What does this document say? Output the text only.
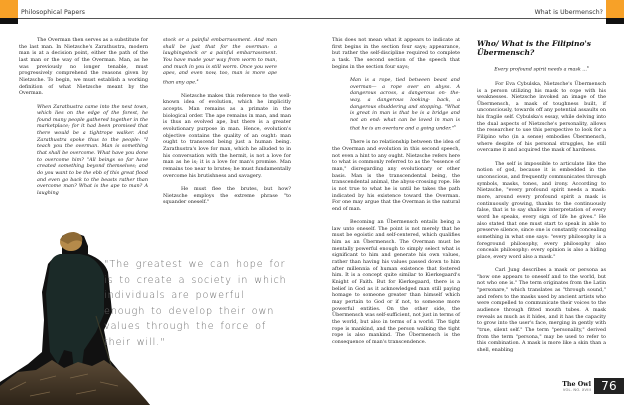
Philosophical Papers	What is Ubermensch?

The Overman then serves as a substitute for the last man. In Nietzsche's Zarathustra, modern man is at a decision point, either the path of the last man or the way of the Overman. Man, as he was previously no longer tenable, must progressively comprehend the reasons given by Nietzsche. To begin, we must establish a working definition of what Nietzsche meant by the Overman.

When Zarathustra came into the next town, which lies on the edge of the forest, he found many people gathered together in the marketplace; for it had been promised that there would be a tightrope walker. And Zarathustra spoke thus to the people: "I teach you the overman. Man is something that shall be overcome. What have you done to overcome him? "All beings so far have created something beyond themselves; and do you want to be the ebb of this great flood and even go back to the beasts rather than overcome man? What is the ape to man? A laughing

stock or a painful embarrassment. And man shall be just that for the overman: a laughingstock or a painful embarrassment. You have made your way from worm to man, and much in you is still worm. Once you were apes, and even now, too, man is more ape than any ape.$^4$

Nietzsche makes this reference to the well-known idea of evolution, which he implicitly accepts. Man remains as a primate in the biological order. The ape remains in man, and man is thus an evolved ape, but there is a greater evolutionary purpose in man. Hence, evolution's objective contains the quality of an ought: man ought to transcend being just a human being. Zarathustra's love for man, which he alluded to in his conversation with the hermit, is not a love for man as he is; it is a love for man's promise. Man remains too near to brutes; he must fundamentally overcome his brutishness and savagery.

He must flee the brutes, but how? Nietzsche employs the extreme phrase "to squander oneself."

"The greatest we can hope for is to create a society in which individuals are powerful enough to develop their own values through the force of their will."

This does not mean what it appears to indicate at first begins in the section four says; appearance, but rather the self-discipline required to complete a task. The second section of the speech that begins in the section four says;

Man is a rope, tied between beast and overman— a rope over an abyss. A dangerous across, a dangerous on- the- way, a dangerous looking- back, a dangerous shuddering and stopping. "What is great in man is that he is a bridge and not an end: what can be loved in man is that he is an overture and a going under."$^5$

There is no relationship between the idea of the Overman and evolution in this second speech, not even a hint to any ought. Nietzsche refers here to what is commonly referred to as the "essence of man," disregarding any evolutionary or other basis. Man is the transcendental being, the transcendental animal, the abyss-crossing rope. He is not true to what he is until he takes the path indicated by his existence toward the Overman. For one may argue that the Overman is the natural end of man.

Becoming an Übermensch entails being a law unto oneself. The point is not merely that he must be egoistic and self-centered, which qualifies him as an Übermensch. The Overman must be mentally powerful enough to simply select what is significant to him and generate his own values, rather than having his values passed down to him after millennia of human existence that fostered him. It is a concept quite similar to Kierkegaard's Knight of Faith. But for Kierkegaard, there is a belief in God as it acknowledged man still paying homage to someone greater than himself which may pertain to God or if not, to someone more powerful entities. On the other side, the Übermensch was self-sufficient, not just in terms of the world, but also in terms of a world. The tight rope is mankind, and the person walking the tight rope is also mankind. The Übermensch is the consequence of man's transcendence.

Who/ What is the Filipino's Übermensch?

Every profound spirit needs a mask ...$^6$

For Eva Cybulska, Nietzsche's Übermensch is a person utilizing his mask to cope with his weaknesses. Nietzsche invoked an image of the Übermensch, a mask of toughness built, if unconsciously, towards off any potential assaults on his fragile self. Cybulska's essay, while delving into the dual aspects of Nietzsche's personality, allows the researcher to use this perspective to look for a Filipino who (in a sense) embodies Übermensch, where despite of his personal struggles, he still overcame it and acquired the mask of hardness.

The self is impossible to articulate like the notion of god, because it is embedded in the unconscious, and frequently communicates through symbols, masks, tones, and irony. According to Nietzsche, "every profound spirit needs a mask: more, around every profound spirit a mask is continuously growing, thanks to the continuously false, that is to say shallow interpretation of every word he speaks, every sign of life he gives." He also stated that one must start to speak in able to preserve silence, since one is constantly concealing something in what one says: "every philosophy is a foreground philosophy, every philosophy also conceals philosophy: every opinion is also a hiding place, every word also a mask."

Carl Jung describes a mask or persona as "how one appears to oneself and to the world, but not who one is." The term originates from the Latin "personare," which translates as "through sound," and refers to the masks used by ancient artists who were compelled to communicate their voices to the audience through fitted mouth tubes. A mask reveals as much as it hides, and it has the capacity to grow into the user's face, merging in gently with "true, silent self." The term "personality," derived from the term "persona," may be used to refer to this combination. A mask is more like a skin than a shell, enabling

The Owl
VOL. NO. XVIII 76
